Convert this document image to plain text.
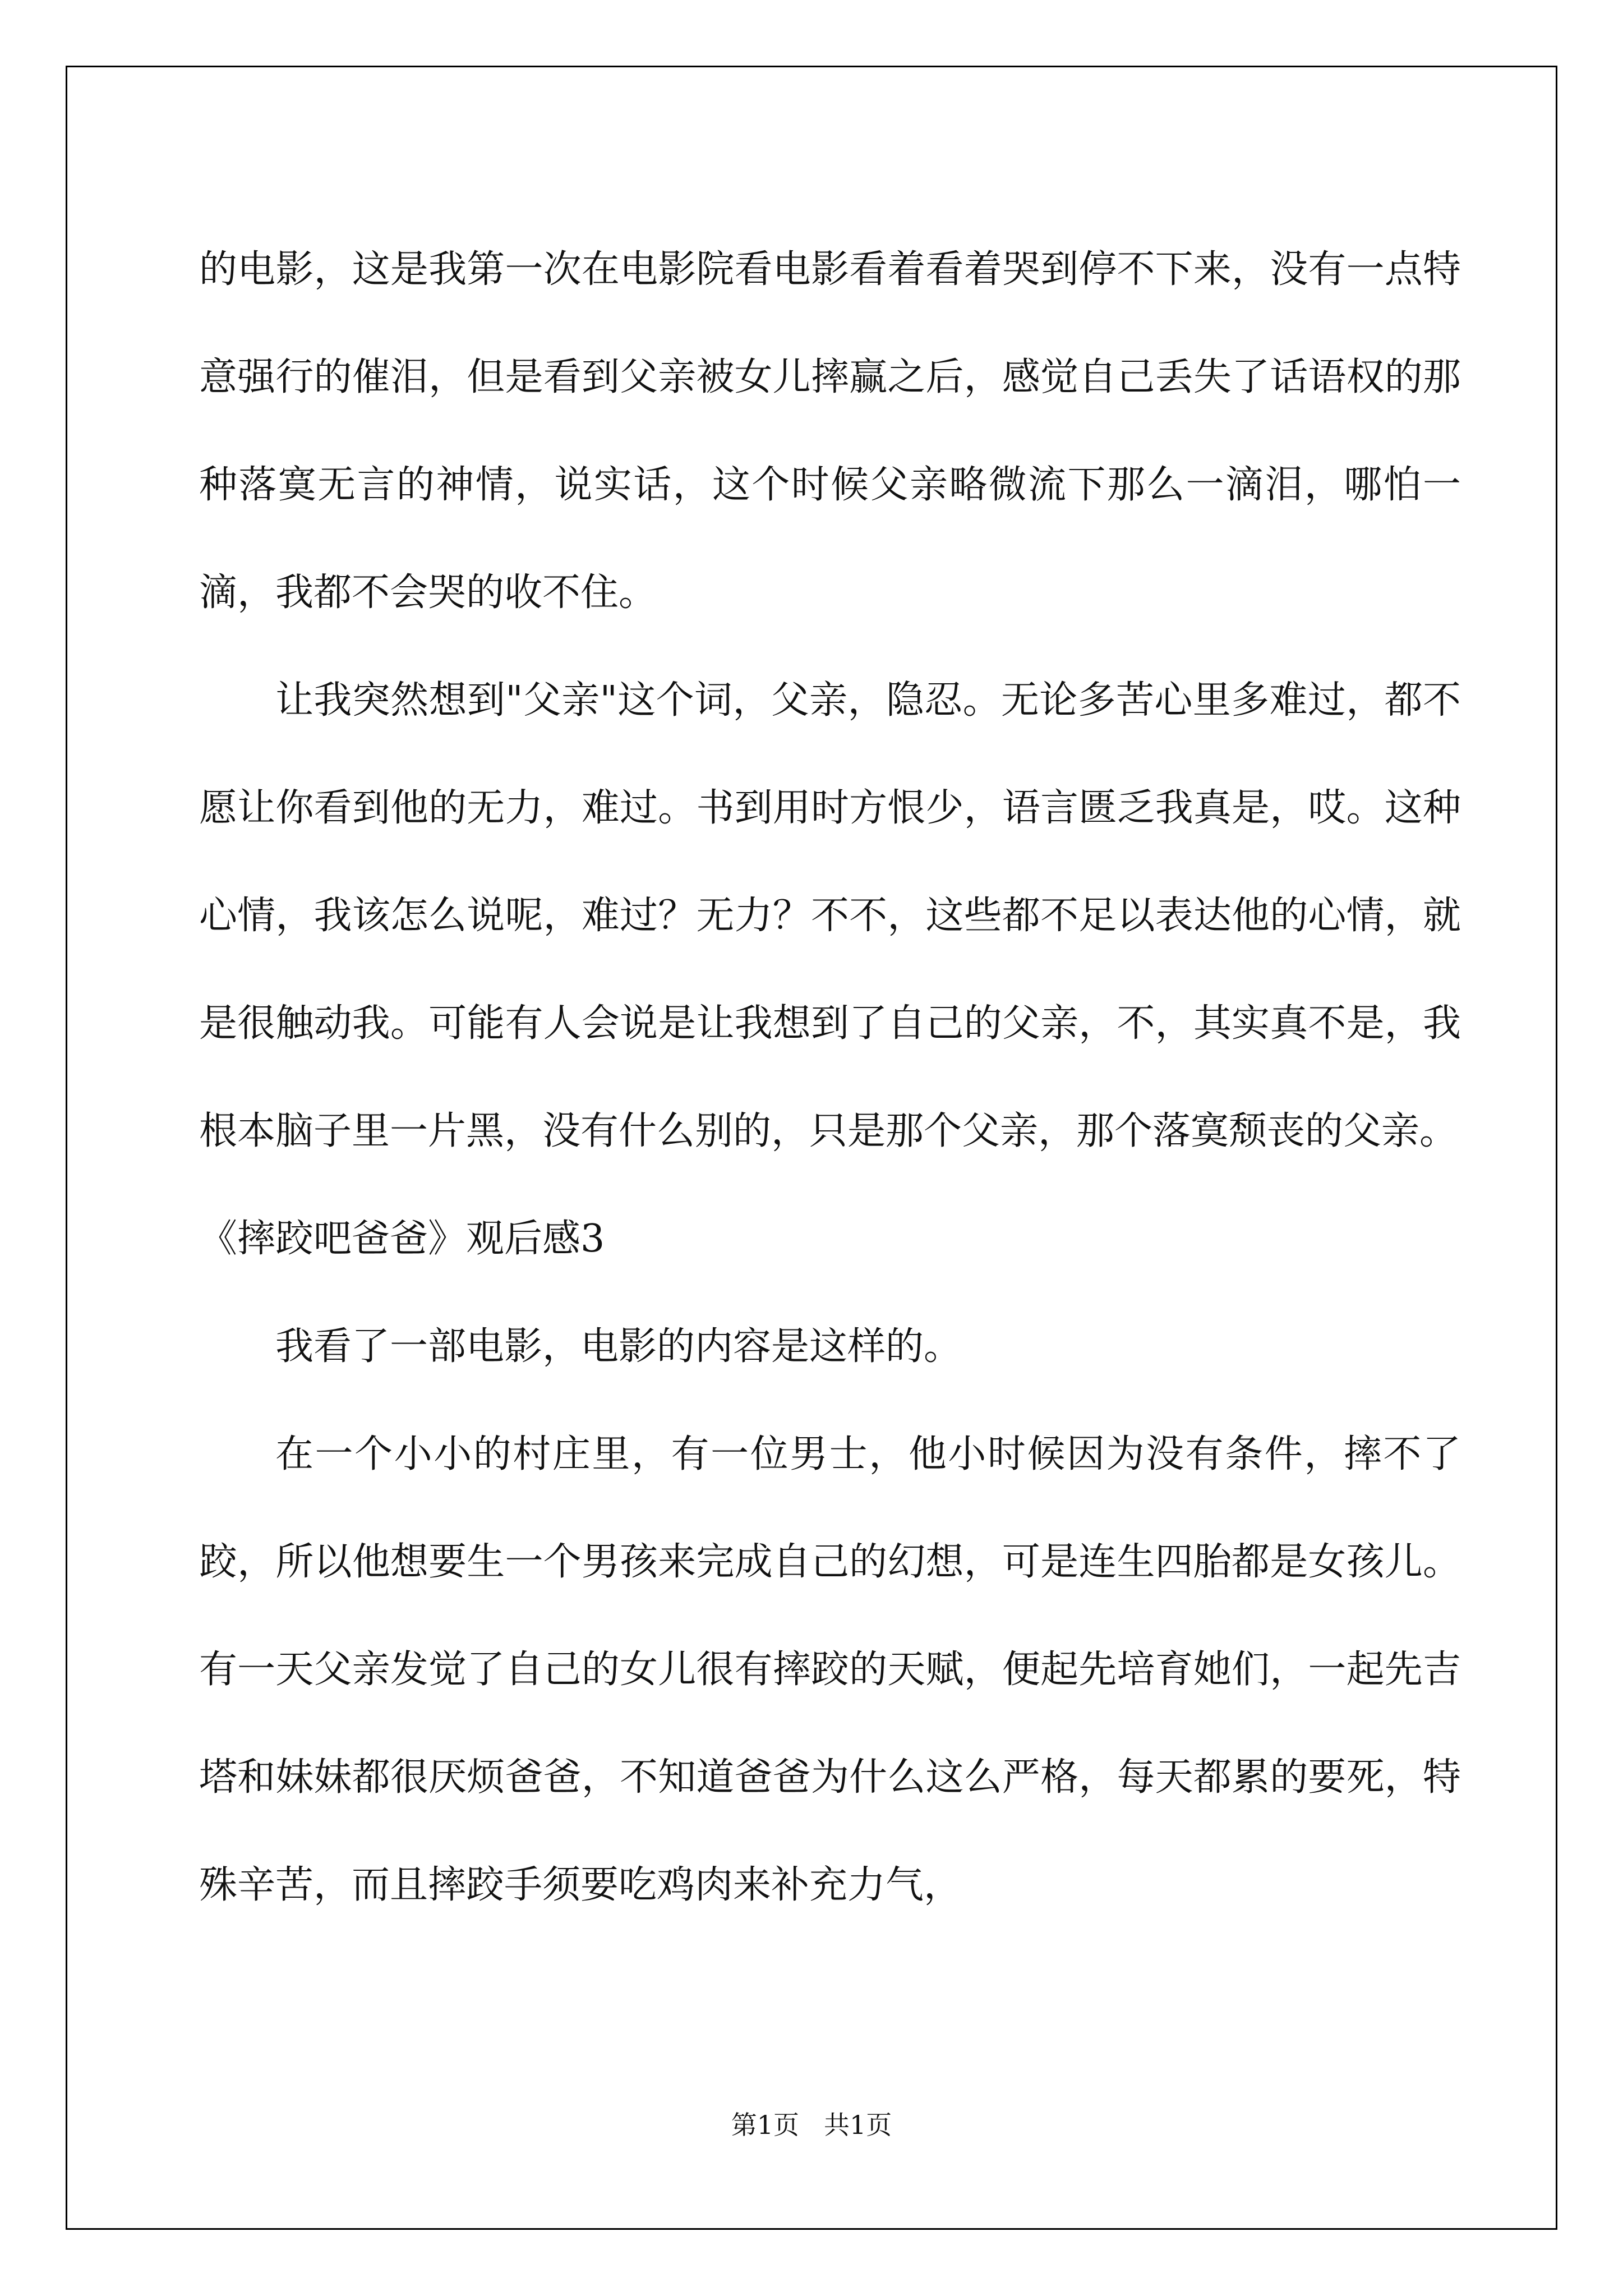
的电影，这是我第一次在电影院看电影看着看着哭到停不下来，没有一点特意强行的催泪，但是看到父亲被女儿摔赢之后，感觉自己丢失了话语权的那种落寞无言的神情，说实话，这个时候父亲略微流下那么一滴泪，哪怕一滴，我都不会哭的收不住。

让我突然想到"父亲"这个词，父亲，隐忍。无论多苦心里多难过，都不愿让你看到他的无力，难过。书到用时方恨少，语言匮乏我真是，哎。这种心情，我该怎么说呢，难过？无力？不不，这些都不足以表达他的心情，就是很触动我。可能有人会说是让我想到了自己的父亲，不，其实真不是，我根本脑子里一片黑，没有什么别的，只是那个父亲，那个落寞颓丧的父亲。

《摔跤吧爸爸》观后感3

我看了一部电影，电影的内容是这样的。

在一个小小的村庄里，有一位男士，他小时候因为没有条件，摔不了跤，所以他想要生一个男孩来完成自己的幻想，可是连生四胎都是女孩儿。有一天父亲发觉了自己的女儿很有摔跤的天赋，便起先培育她们，一起先吉塔和妹妹都很厌烦爸爸，不知道爸爸为什么这么严格，每天都累的要死，特殊辛苦，而且摔跤手须要吃鸡肉来补充力气，

第1页 共1页
